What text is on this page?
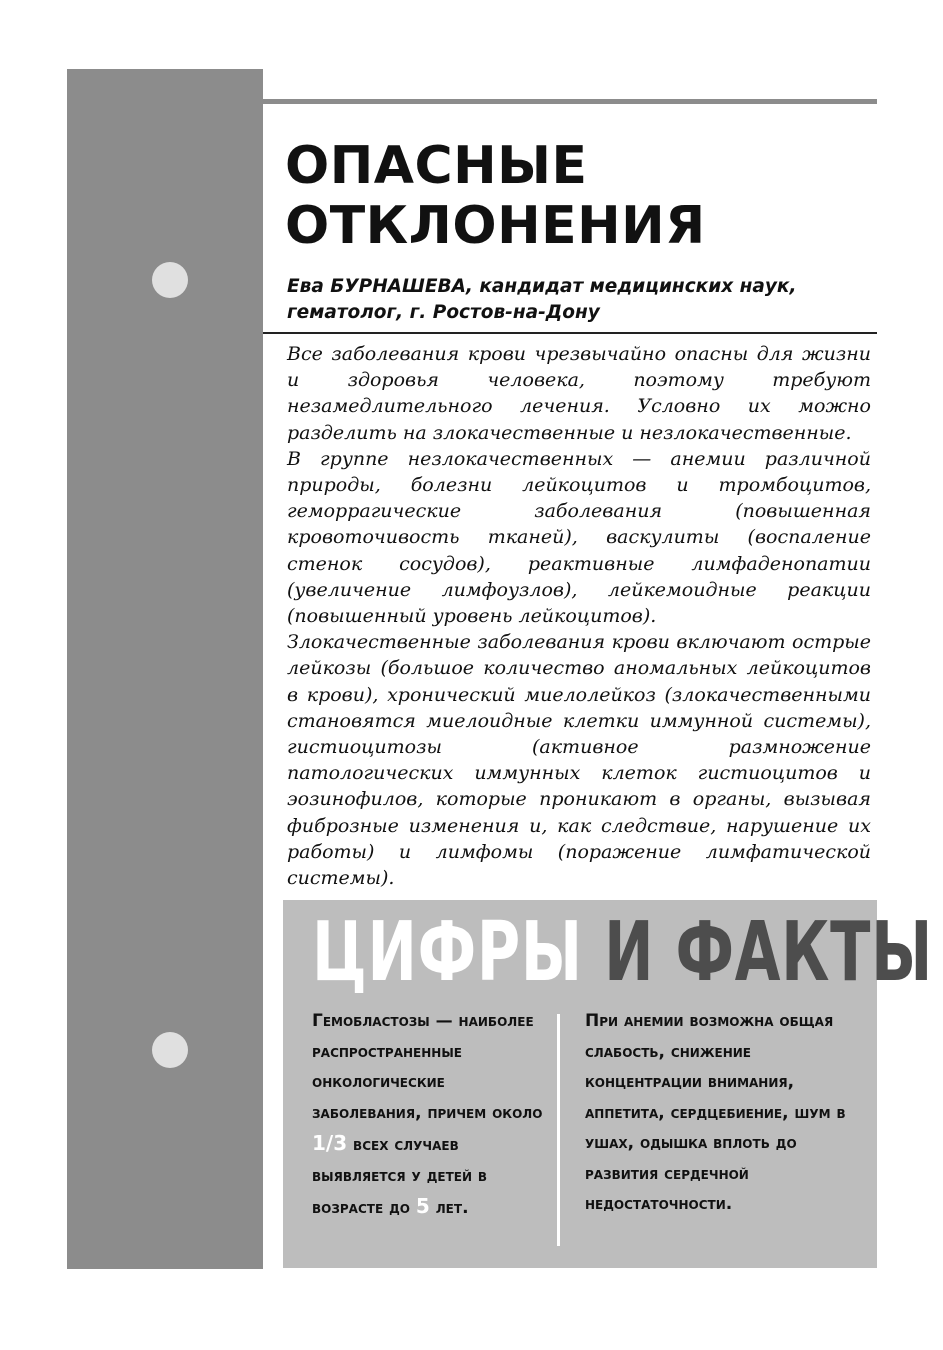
ОПАСНЫЕ
ОТКЛОНЕНИЯ
Ева БУРНАШЕВА, кандидат медицинских наук,
гематолог, г. Ростов-на-Дону

Все заболевания крови чрезвычайно опасны для жизни и здоровья человека, поэтому требуют незамедлительного лечения. Условно их можно разделить на злокачественные и незлокачественные.

В группе незлокачественных — анемии различной природы, болезни лейкоцитов и тромбоцитов, геморрагические заболевания (повышенная кровоточивость тканей), васкулиты (воспаление стенок сосудов), реактивные лимфаденопатии (увеличение лимфоузлов), лейкемоидные реакции (повышенный уровень лейкоцитов).

Злокачественные заболевания крови включают острые лейкозы (большое количество аномальных лейкоцитов в крови), хронический миелолейкоз (злокачественными становятся миелоидные клетки иммунной системы), гистиоцитозы (активное размножение патологических иммунных клеток гистиоцитов и эозинофилов, которые проникают в органы, вызывая фиброзные изменения и, как следствие, нарушение их работы) и лимфомы (поражение лимфатической системы).

ЦИФРЫ И ФАКТЫ
Гемобластозы — наиболее распространенные онкологические заболевания, причем около 1/3 всех случаев выявляется у детей в возрасте до 5 лет.
При анемии возможна общая слабость, снижение концентрации внимания, аппетита, сердцебиение, шум в ушах, одышка вплоть до развития сердечной недостаточности.
